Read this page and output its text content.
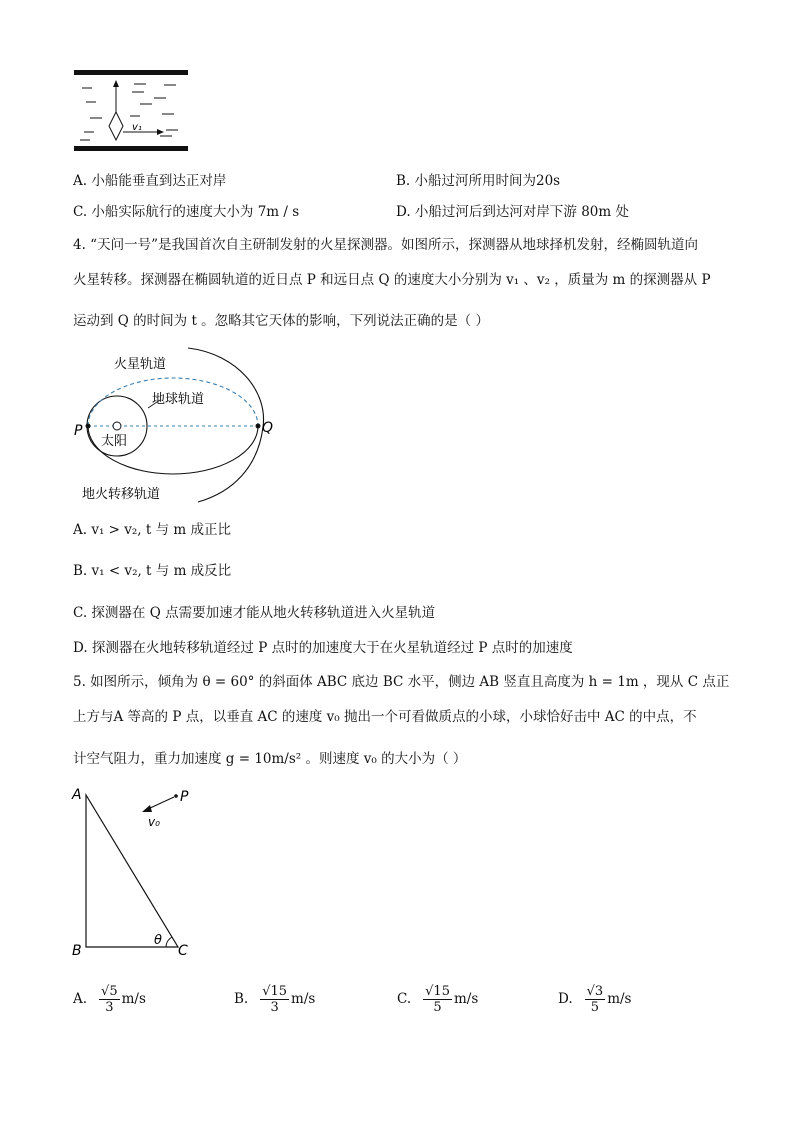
v₁
A. 小船能垂直到达正对岸	B. 小船过河所用时间为20s
C. 小船实际航行的速度大小为 7m / s	D. 小船过河后到达河对岸下游 80m 处
4. “天问一号”是我国首次自主研制发射的火星探测器。如图所示，探测器从地球择机发射，经椭圆轨道向
火星转移。探测器在椭圆轨道的近日点 P 和远日点 Q 的速度大小分别为 v₁ 、v₂ ，质量为 m 的探测器从 P
运动到 Q 的时间为 t 。忽略其它天体的影响，下列说法正确的是（ ）
火星轨道
地球轨道
太阳
地火转移轨道
P	Q
A. v₁ > v₂, t 与 m 成正比
B. v₁ < v₂, t 与 m 成反比
C. 探测器在 Q 点需要加速才能从地火转移轨道进入火星轨道
D. 探测器在火地转移轨道经过 P 点时的加速度大于在火星轨道经过 P 点时的加速度
5. 如图所示，倾角为 θ = 60° 的斜面体 ABC 底边 BC 水平，侧边 AB 竖直且高度为 h = 1m ，现从 C 点正
上方与A 等高的 P 点，以垂直 AC 的速度 v₀ 抛出一个可看做质点的小球，小球恰好击中 AC 的中点，不
计空气阻力，重力加速度 g = 10m/s² 。则速度 v₀ 的大小为（ ）
A
B	C
P
v₀
θ
A. $\frac{√5}{3} m/s$	B. $\frac{√15}{3} m/s$	C. $\frac{√15}{5} m/s$	D. $\frac{√3}{5} m/s$
